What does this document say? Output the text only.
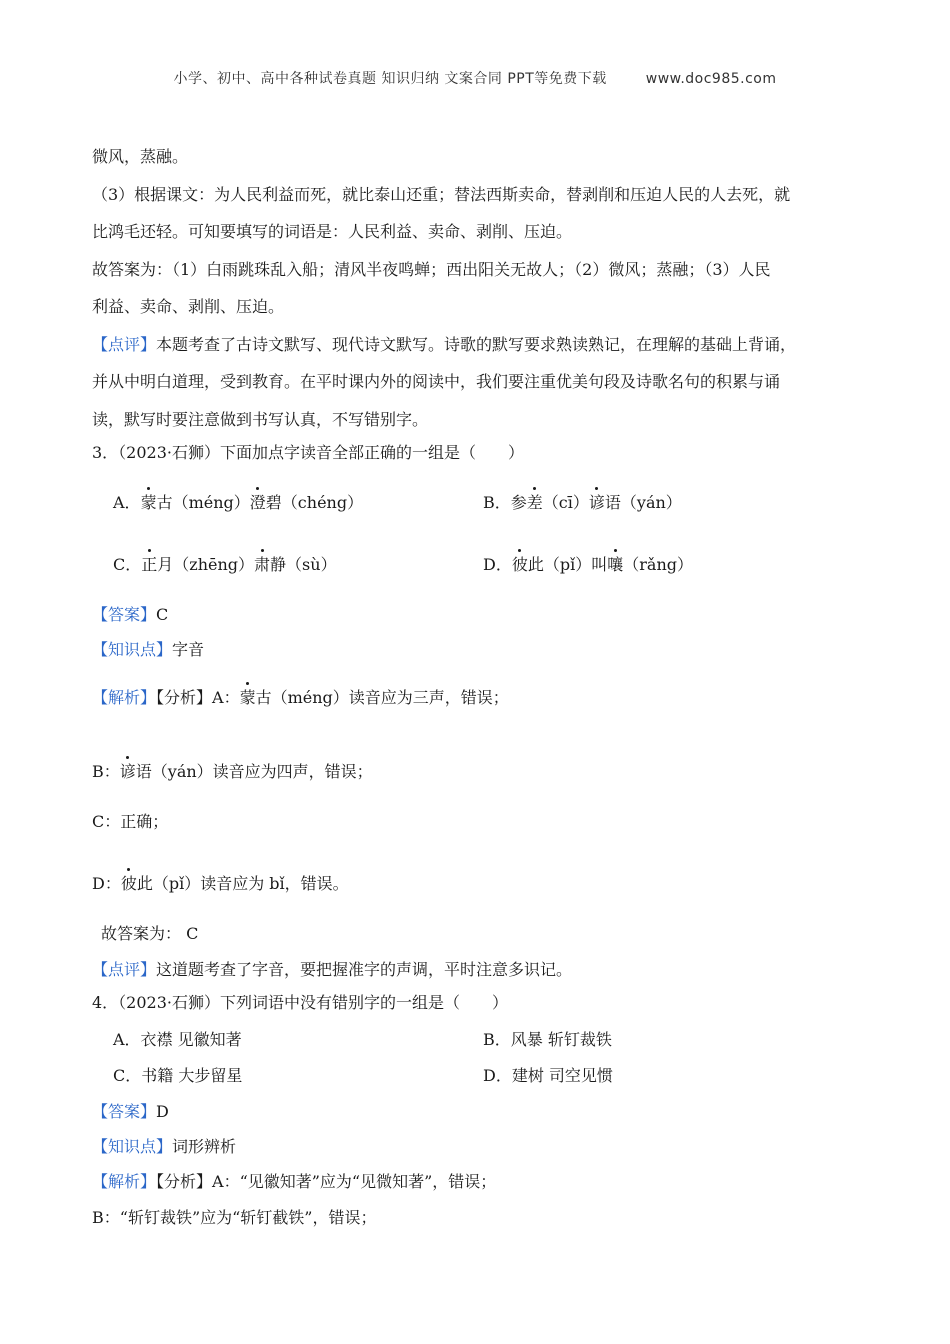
小学、初中、高中各种试卷真题 知识归纳 文案合同 PPT等免费下载	www.doc985.com
微风，蒸融。
（3）根据课文：为人民利益而死，就比泰山还重；替法西斯卖命，替剥削和压迫人民的人去死，就
比鸿毛还轻。可知要填写的词语是：人民利益、卖命、剥削、压迫。
故答案为：（1）白雨跳珠乱入船；清风半夜鸣蝉；西出阳关无故人；（2）微风；蒸融；（3）人民
利益、卖命、剥削、压迫。
【点评】本题考查了古诗文默写、现代诗文默写。诗歌的默写要求熟读熟记，在理解的基础上背诵，
并从中明白道理，受到教育。在平时课内外的阅读中，我们要注重优美句段及诗歌名句的积累与诵
读，默写时要注意做到书写认真，不写错别字。
3．（2023·石狮）下面加点字读音全部正确的一组是（　　）
A．蒙古（méng）澄碧（chéng）	B．参差（cī）谚语（yán）
C．正月（zhēng）肃静（sù）	D．彼此（pǐ）叫嚷（rǎng）
【答案】C
【知识点】字音
【解析】【分析】A：蒙古（méng）读音应为三声，错误；
B：谚语（yán）读音应为四声，错误；
C：正确；
D：彼此（pǐ）读音应为 bǐ，错误。
故答案为： C
【点评】这道题考查了字音，要把握准字的声调，平时注意多识记。
4．（2023·石狮）下列词语中没有错别字的一组是（　　）
A．衣襟 见徽知著	B．风暴 斩钉裁铁
C．书籍 大步留星	D．建树 司空见惯
【答案】D
【知识点】词形辨析
【解析】【分析】A：“见徽知著”应为“见微知著”，错误；
B：“斩钉裁铁”应为“斩钉截铁”，错误；
